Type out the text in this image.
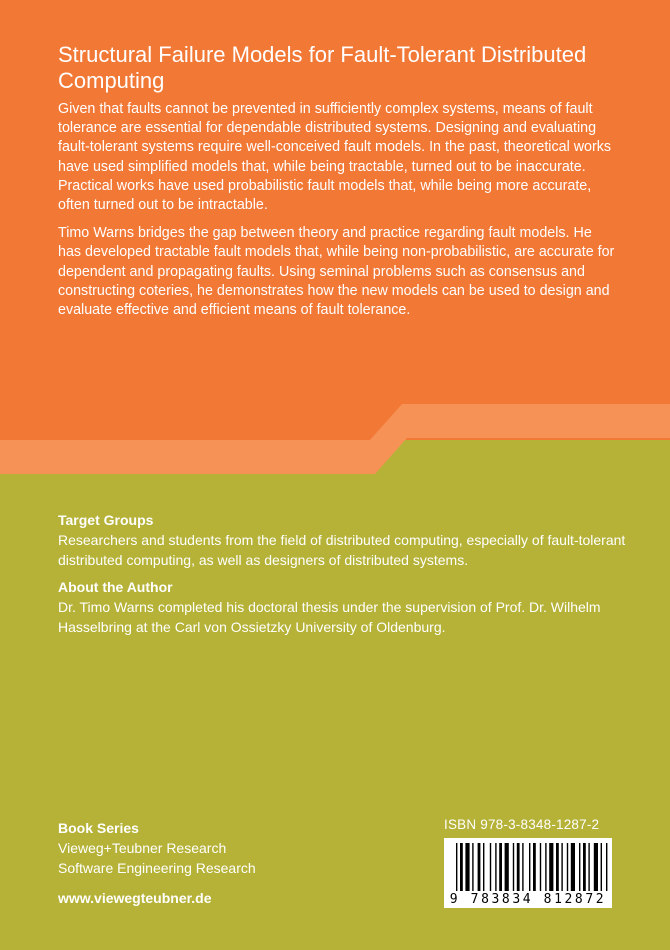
Structural Failure Models for Fault-Tolerant Distributed Computing

Given that faults cannot be prevented in sufficiently complex systems, means of fault tolerance are essential for dependable distributed systems. Designing and evaluating fault-tolerant systems require well-conceived fault models. In the past, theoretical works have used simplified models that, while being tractable, turned out to be inaccurate. Practical works have used probabilistic fault models that, while being more accurate, often turned out to be intractable.

Timo Warns bridges the gap between theory and practice regarding fault models. He has developed tractable fault models that, while being non-probabilistic, are accurate for dependent and propagating faults. Using seminal problems such as consensus and constructing coteries, he demonstrates how the new models can be used to design and evaluate effective and efficient means of fault tolerance.

Target Groups

Researchers and students from the field of distributed computing, especially of fault-tolerant distributed computing, as well as designers of distributed systems.

About the Author

Dr. Timo Warns completed his doctoral thesis under the supervision of Prof. Dr. Wilhelm Hasselbring at the Carl von Ossietzky University of Oldenburg.

Book Series
Vieweg+Teubner Research
Software Engineering Research
www.viewegteubner.de
ISBN 978-3-8348-1287-2
9 783834 812872
